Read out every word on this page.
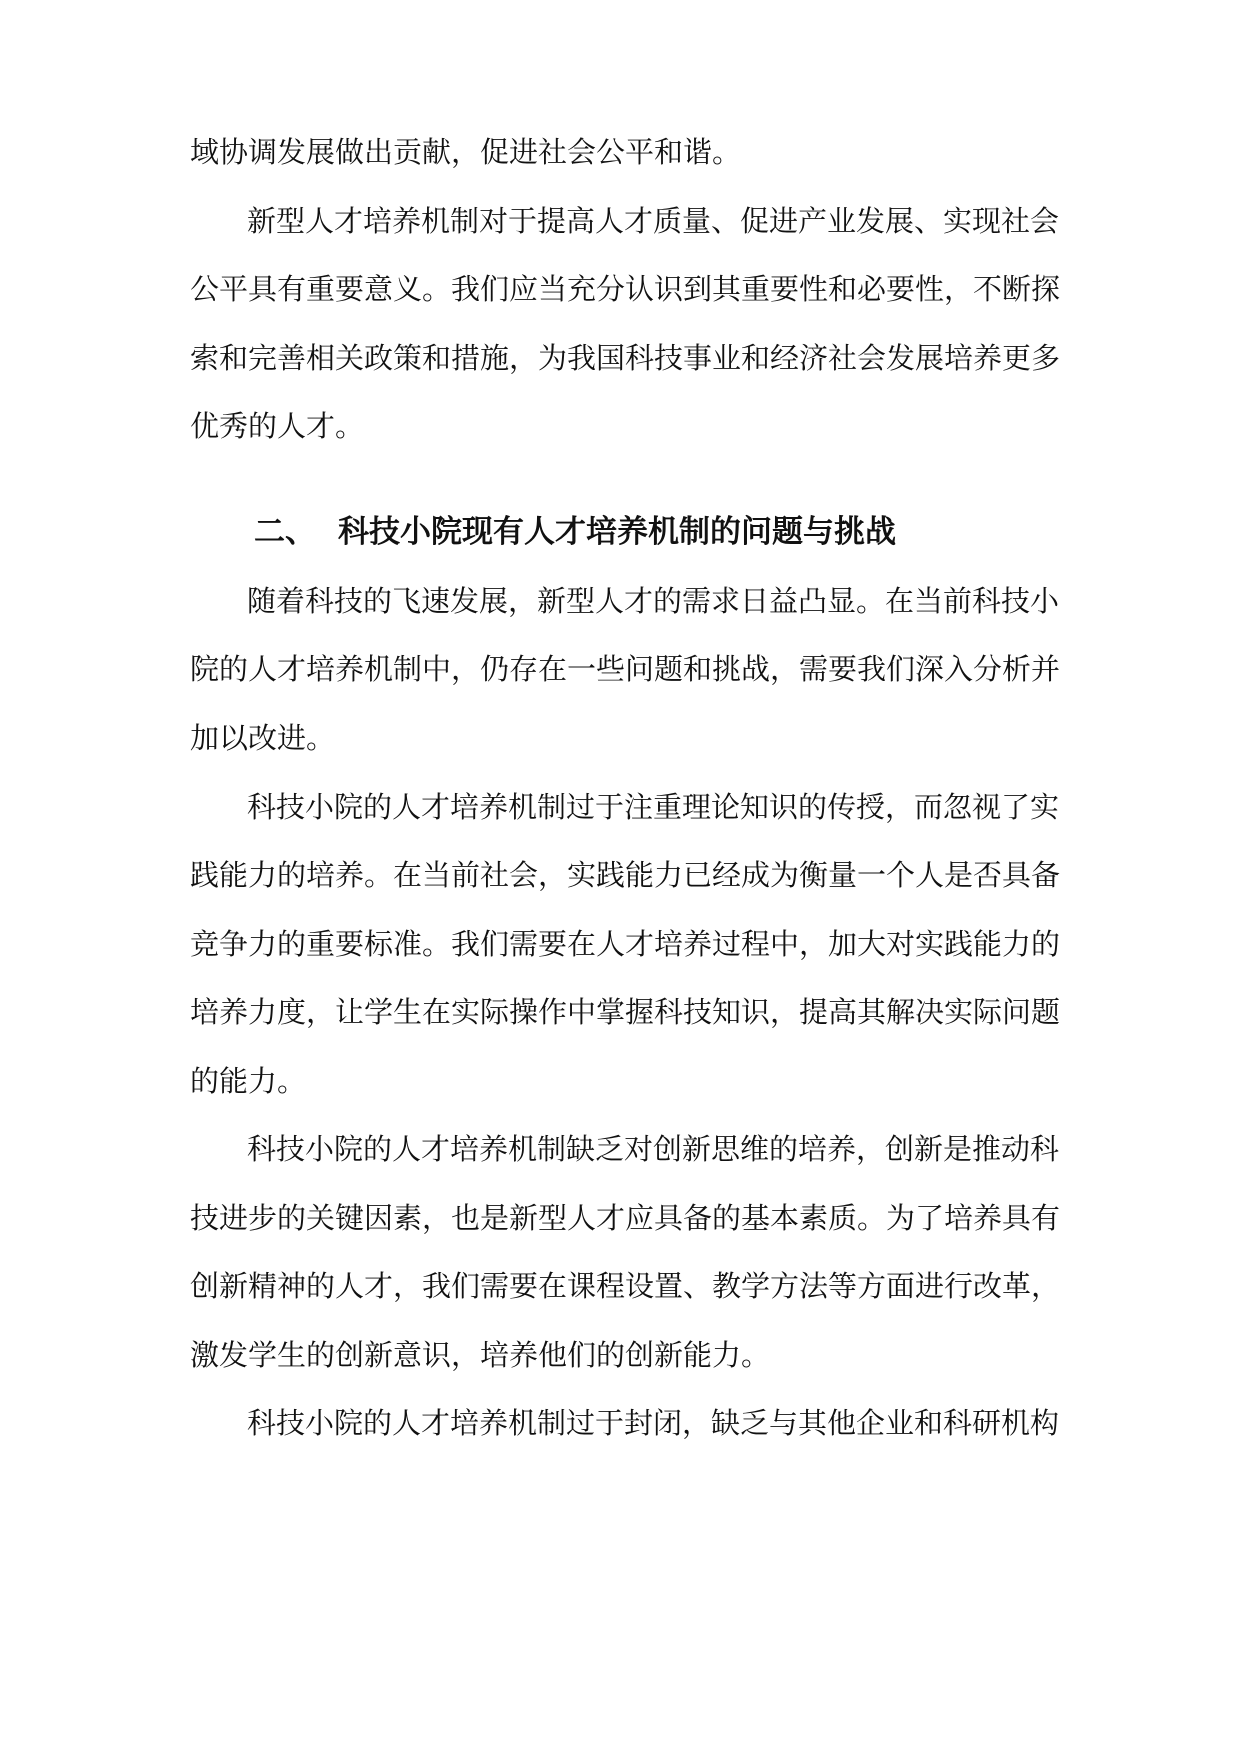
域协调发展做出贡献，促进社会公平和谐。
新型人才培养机制对于提高人才质量、促进产业发展、实现社会
公平具有重要意义。我们应当充分认识到其重要性和必要性，不断探
索和完善相关政策和措施，为我国科技事业和经济社会发展培养更多
优秀的人才。
二、 科技小院现有人才培养机制的问题与挑战
随着科技的飞速发展，新型人才的需求日益凸显。在当前科技小
院的人才培养机制中，仍存在一些问题和挑战，需要我们深入分析并
加以改进。
科技小院的人才培养机制过于注重理论知识的传授，而忽视了实
践能力的培养。在当前社会，实践能力已经成为衡量一个人是否具备
竞争力的重要标准。我们需要在人才培养过程中，加大对实践能力的
培养力度，让学生在实际操作中掌握科技知识，提高其解决实际问题
的能力。
科技小院的人才培养机制缺乏对创新思维的培养，创新是推动科
技进步的关键因素，也是新型人才应具备的基本素质。为了培养具有
创新精神的人才，我们需要在课程设置、教学方法等方面进行改革，
激发学生的创新意识，培养他们的创新能力。
科技小院的人才培养机制过于封闭，缺乏与其他企业和科研机构
